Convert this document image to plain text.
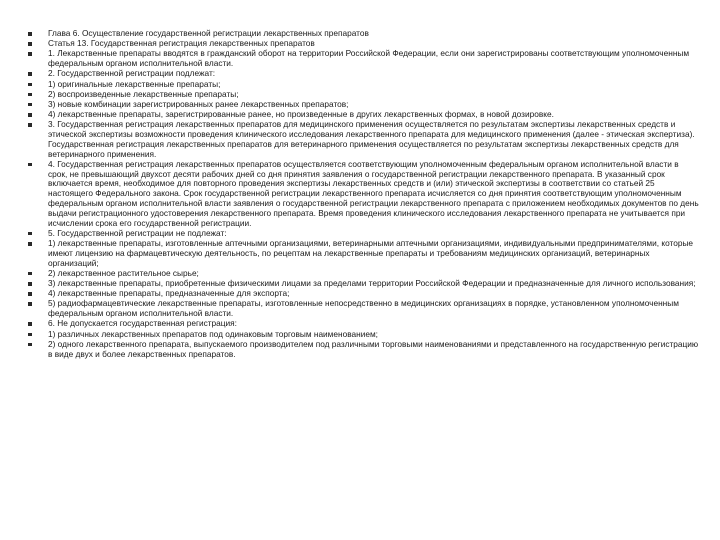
Глава 6. Осуществление государственной регистрации лекарственных препаратов
Статья 13. Государственная регистрация лекарственных препаратов
1. Лекарственные препараты вводятся в гражданский оборот на территории Российской Федерации, если они зарегистрированы соответствующим уполномоченным федеральным органом исполнительной власти.
2. Государственной регистрации подлежат:
1) оригинальные лекарственные препараты;
2) воспроизведенные лекарственные препараты;
3) новые комбинации зарегистрированных ранее лекарственных препаратов;
4) лекарственные препараты, зарегистрированные ранее, но произведенные в других лекарственных формах, в новой дозировке.
3. Государственная регистрация лекарственных препаратов для медицинского применения осуществляется по результатам экспертизы лекарственных средств и этической экспертизы возможности проведения клинического исследования лекарственного препарата для медицинского применения (далее - этическая экспертиза). Государственная регистрация лекарственных препаратов для ветеринарного применения осуществляется по результатам экспертизы лекарственных средств для ветеринарного применения.
4. Государственная регистрация лекарственных препаратов осуществляется соответствующим уполномоченным федеральным органом исполнительной власти в срок, не превышающий двухсот десяти рабочих дней со дня принятия заявления о государственной регистрации лекарственного препарата. В указанный срок включается время, необходимое для повторного проведения экспертизы лекарственных средств и (или) этической экспертизы в соответствии со статьей 25 настоящего Федерального закона. Срок государственной регистрации лекарственного препарата исчисляется со дня принятия соответствующим уполномоченным федеральным органом исполнительной власти заявления о государственной регистрации лекарственного препарата с приложением необходимых документов по день выдачи регистрационного удостоверения лекарственного препарата. Время проведения клинического исследования лекарственного препарата не учитывается при исчислении срока его государственной регистрации.
5. Государственной регистрации не подлежат:
1) лекарственные препараты, изготовленные аптечными организациями, ветеринарными аптечными организациями, индивидуальными предпринимателями, которые имеют лицензию на фармацевтическую деятельность, по рецептам на лекарственные препараты и требованиям медицинских организаций, ветеринарных организаций;
2) лекарственное растительное сырье;
3) лекарственные препараты, приобретенные физическими лицами за пределами территории Российской Федерации и предназначенные для личного использования;
4) лекарственные препараты, предназначенные для экспорта;
5) радиофармацевтические лекарственные препараты, изготовленные непосредственно в медицинских организациях в порядке, установленном уполномоченным федеральным органом исполнительной власти.
6. Не допускается государственная регистрация:
1) различных лекарственных препаратов под одинаковым торговым наименованием;
2) одного лекарственного препарата, выпускаемого производителем под различными торговыми наименованиями и представленного на государственную регистрацию в виде двух и более лекарственных препаратов.
